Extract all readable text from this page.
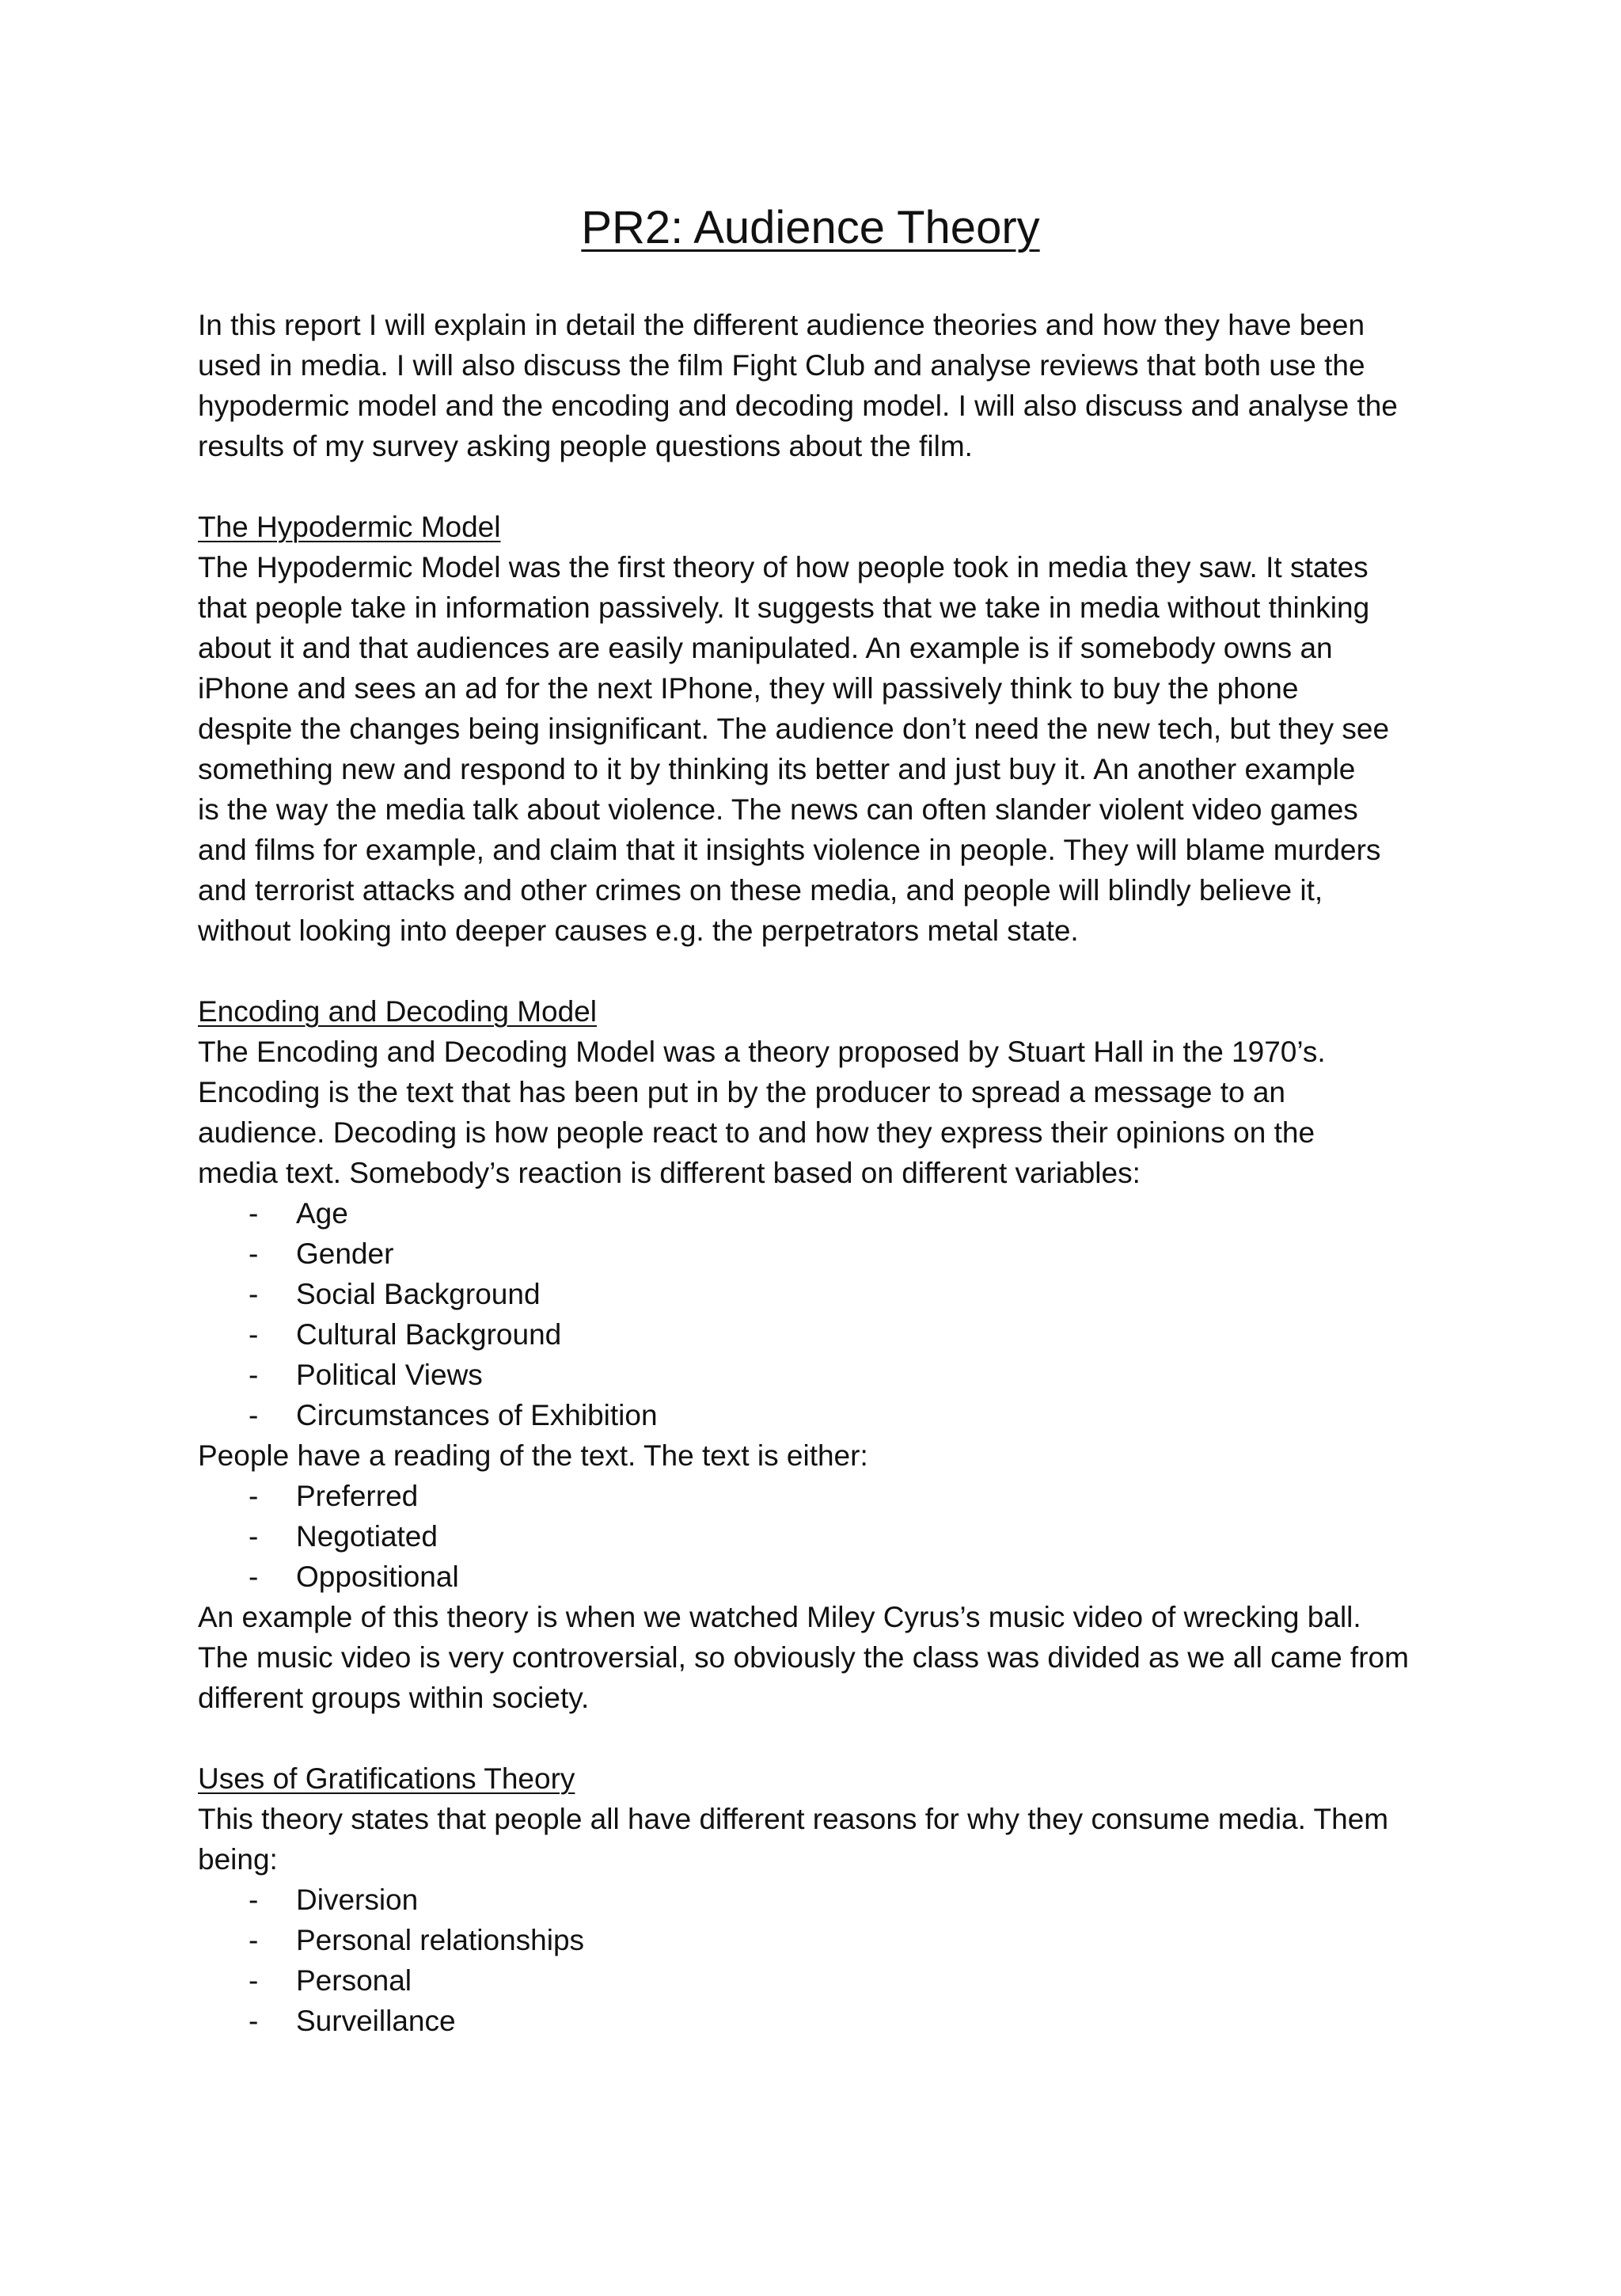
PR2: Audience Theory

In this report I will explain in detail the different audience theories and how they have been

used in media. I will also discuss the film Fight Club and analyse reviews that both use the

hypodermic model and the encoding and decoding model. I will also discuss and analyse the

results of my survey asking people questions about the film.

The Hypodermic Model

The Hypodermic Model was the first theory of how people took in media they saw. It states

that people take in information passively. It suggests that we take in media without thinking

about it and that audiences are easily manipulated. An example is if somebody owns an

iPhone and sees an ad for the next IPhone, they will passively think to buy the phone

despite the changes being insignificant. The audience don’t need the new tech, but they see

something new and respond to it by thinking its better and just buy it. An another example

is the way the media talk about violence. The news can often slander violent video games

and films for example, and claim that it insights violence in people. They will blame murders

and terrorist attacks and other crimes on these media, and people will blindly believe it,

without looking into deeper causes e.g. the perpetrators metal state.

Encoding and Decoding Model

The Encoding and Decoding Model was a theory proposed by Stuart Hall in the 1970’s.

Encoding is the text that has been put in by the producer to spread a message to an

audience. Decoding is how people react to and how they express their opinions on the

media text. Somebody’s reaction is different based on different variables:

- Age
- Gender
- Social Background
- Cultural Background
- Political Views
- Circumstances of Exhibition

People have a reading of the text. The text is either:

- Preferred
- Negotiated
- Oppositional

An example of this theory is when we watched Miley Cyrus’s music video of wrecking ball.

The music video is very controversial, so obviously the class was divided as we all came from

different groups within society.

Uses of Gratifications Theory

This theory states that people all have different reasons for why they consume media. Them

being:

- Diversion
- Personal relationships
- Personal
- Surveillance
